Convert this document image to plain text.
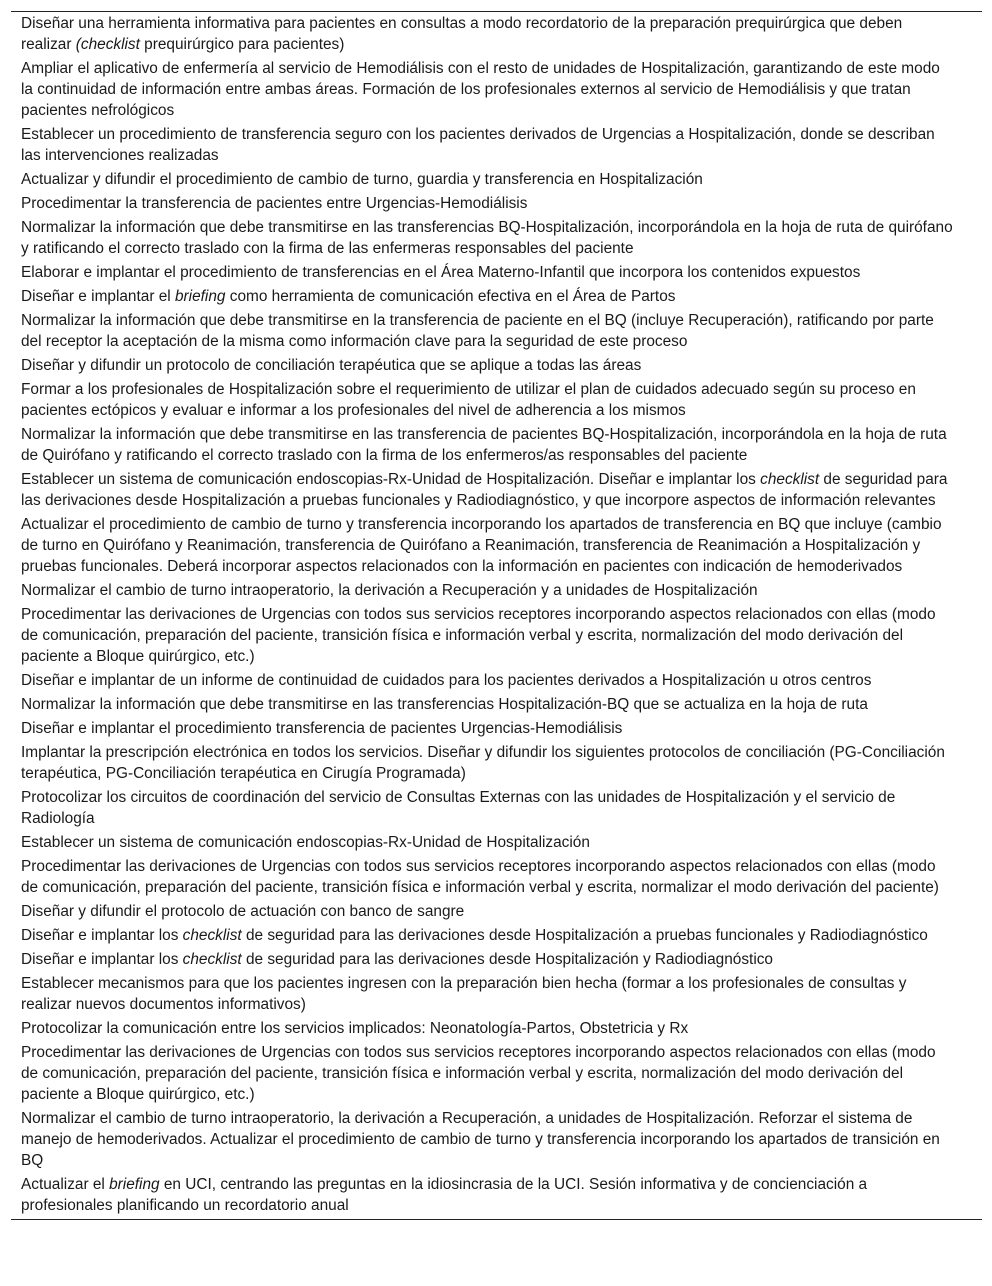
Diseñar una herramienta informativa para pacientes en consultas a modo recordatorio de la preparación prequirúrgica que deben realizar (checklist prequirúrgico para pacientes)
Ampliar el aplicativo de enfermería al servicio de Hemodiálisis con el resto de unidades de Hospitalización, garantizando de este modo la continuidad de información entre ambas áreas. Formación de los profesionales externos al servicio de Hemodiálisis y que tratan pacientes nefrológicos
Establecer un procedimiento de transferencia seguro con los pacientes derivados de Urgencias a Hospitalización, donde se describan las intervenciones realizadas
Actualizar y difundir el procedimiento de cambio de turno, guardia y transferencia en Hospitalización
Procedimentar la transferencia de pacientes entre Urgencias-Hemodiálisis
Normalizar la información que debe transmitirse en las transferencias BQ-Hospitalización, incorporándola en la hoja de ruta de quirófano y ratificando el correcto traslado con la firma de las enfermeras responsables del paciente
Elaborar e implantar el procedimiento de transferencias en el Área Materno-Infantil que incorpora los contenidos expuestos
Diseñar e implantar el briefing como herramienta de comunicación efectiva en el Área de Partos
Normalizar la información que debe transmitirse en la transferencia de paciente en el BQ (incluye Recuperación), ratificando por parte del receptor la aceptación de la misma como información clave para la seguridad de este proceso
Diseñar y difundir un protocolo de conciliación terapéutica que se aplique a todas las áreas
Formar a los profesionales de Hospitalización sobre el requerimiento de utilizar el plan de cuidados adecuado según su proceso en pacientes ectópicos y evaluar e informar a los profesionales del nivel de adherencia a los mismos
Normalizar la información que debe transmitirse en las transferencia de pacientes BQ-Hospitalización, incorporándola en la hoja de ruta de Quirófano y ratificando el correcto traslado con la firma de los enfermeros/as responsables del paciente
Establecer un sistema de comunicación endoscopias-Rx-Unidad de Hospitalización. Diseñar e implantar los checklist de seguridad para las derivaciones desde Hospitalización a pruebas funcionales y Radiodiagnóstico, y que incorpore aspectos de información relevantes
Actualizar el procedimiento de cambio de turno y transferencia incorporando los apartados de transferencia en BQ que incluye (cambio de turno en Quirófano y Reanimación, transferencia de Quirófano a Reanimación, transferencia de Reanimación a Hospitalización y pruebas funcionales. Deberá incorporar aspectos relacionados con la información en pacientes con indicación de hemoderivados
Normalizar el cambio de turno intraoperatorio, la derivación a Recuperación y a unidades de Hospitalización
Procedimentar las derivaciones de Urgencias con todos sus servicios receptores incorporando aspectos relacionados con ellas (modo de comunicación, preparación del paciente, transición física e información verbal y escrita, normalización del modo derivación del paciente a Bloque quirúrgico, etc.)
Diseñar e implantar de un informe de continuidad de cuidados para los pacientes derivados a Hospitalización u otros centros
Normalizar la información que debe transmitirse en las transferencias Hospitalización-BQ que se actualiza en la hoja de ruta
Diseñar e implantar el procedimiento transferencia de pacientes Urgencias-Hemodiálisis
Implantar la prescripción electrónica en todos los servicios. Diseñar y difundir los siguientes protocolos de conciliación (PG-Conciliación terapéutica, PG-Conciliación terapéutica en Cirugía Programada)
Protocolizar los circuitos de coordinación del servicio de Consultas Externas con las unidades de Hospitalización y el servicio de Radiología
Establecer un sistema de comunicación endoscopias-Rx-Unidad de Hospitalización
Procedimentar las derivaciones de Urgencias con todos sus servicios receptores incorporando aspectos relacionados con ellas (modo de comunicación, preparación del paciente, transición física e información verbal y escrita, normalizar el modo derivación del paciente)
Diseñar y difundir el protocolo de actuación con banco de sangre
Diseñar e implantar los checklist de seguridad para las derivaciones desde Hospitalización a pruebas funcionales y Radiodiagnóstico
Diseñar e implantar los checklist de seguridad para las derivaciones desde Hospitalización y Radiodiagnóstico
Establecer mecanismos para que los pacientes ingresen con la preparación bien hecha (formar a los profesionales de consultas y realizar nuevos documentos informativos)
Protocolizar la comunicación entre los servicios implicados: Neonatología-Partos, Obstetricia y Rx
Procedimentar las derivaciones de Urgencias con todos sus servicios receptores incorporando aspectos relacionados con ellas (modo de comunicación, preparación del paciente, transición física e información verbal y escrita, normalización del modo derivación del paciente a Bloque quirúrgico, etc.)
Normalizar el cambio de turno intraoperatorio, la derivación a Recuperación, a unidades de Hospitalización. Reforzar el sistema de manejo de hemoderivados. Actualizar el procedimiento de cambio de turno y transferencia incorporando los apartados de transición en BQ
Actualizar el briefing en UCI, centrando las preguntas en la idiosincrasia de la UCI. Sesión informativa y de concienciación a profesionales planificando un recordatorio anual
